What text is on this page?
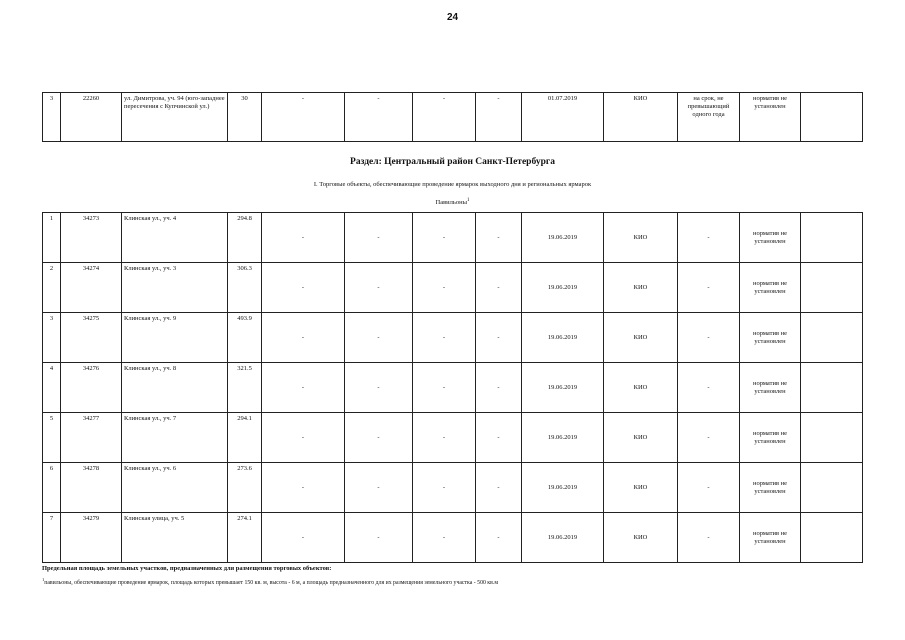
24
3	22260	ул. Димитрова, уч. 94 (юго-западнее пересечения с Купчинской ул.)	30	-	-	-	-	01.07.2019	КИО	на срок, не превышающий одного года	норматив не установлен	
Раздел: Центральный район Санкт-Петербурга
I. Торговые объекты, обеспечивающие проведение ярмарок выходного дня и региональных ярмарок
Павильоны$^1$
1	34273	Клинская ул., уч. 4	294.8	-	-	-	-	19.06.2019	КИО	-	норматив не установлен	
2	34274	Клинская ул., уч. 3	306.3	-	-	-	-	19.06.2019	КИО	-	норматив не установлен	
3	34275	Клинская ул., уч. 9	493.9	-	-	-	-	19.06.2019	КИО	-	норматив не установлен	
4	34276	Клинская ул., уч. 8	321.5	-	-	-	-	19.06.2019	КИО	-	норматив не установлен	
5	34277	Клинская ул., уч. 7	294.1	-	-	-	-	19.06.2019	КИО	-	норматив не установлен	
6	34278	Клинская ул., уч. 6	273.6	-	-	-	-	19.06.2019	КИО	-	норматив не установлен	
7	34279	Клинская улица, уч. 5	274.1	-	-	-	-	19.06.2019	КИО	-	норматив не установлен	
Предельная площадь земельных участков, предназначенных для размещения торговых объектов:
$^1$павильоны, обеспечивающие проведение ярмарок, площадь которых превышает 150 кв. м, высота - 6 м, а площадь предназначенного для их размещения земельного участка - 500 кв.м
